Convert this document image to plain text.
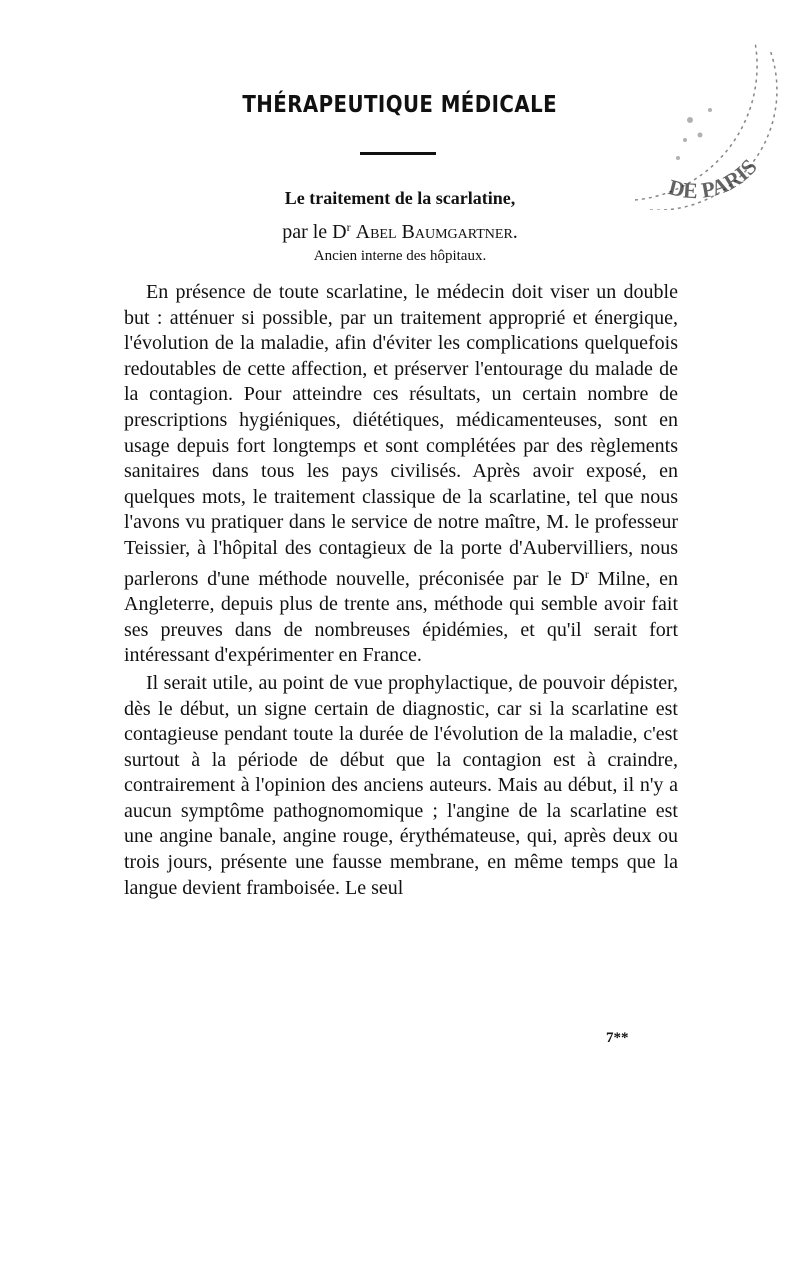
THÉRAPEUTIQUE MÉDICALE
Le traitement de la scarlatine,
par le $D^r$ Abel Baumgartner.
Ancien interne des hôpitaux.

En présence de toute scarlatine, le médecin doit viser un double but : atténuer si possible, par un traitement approprié et énergique, l'évolution de la maladie, afin d'éviter les complications quelquefois redoutables de cette affection, et préserver l'entourage du malade de la contagion. Pour atteindre ces résultats, un certain nombre de prescriptions hygiéniques, diététiques, médicamenteuses, sont en usage depuis fort longtemps et sont complétées par des règlements sanitaires dans tous les pays civilisés. Après avoir exposé, en quelques mots, le traitement classique de la scarlatine, tel que nous l'avons vu pratiquer dans le service de notre maître, M. le professeur Teissier, à l'hôpital des contagieux de la porte d'Aubervilliers, nous parlerons d'une méthode nouvelle, préconisée par le $D^r$ Milne, en Angleterre, depuis plus de trente ans, méthode qui semble avoir fait ses preuves dans de nombreuses épidémies, et qu'il serait fort intéressant d'expérimenter en France.

Il serait utile, au point de vue prophylactique, de pouvoir dépister, dès le début, un signe certain de diagnostic, car si la scarlatine est contagieuse pendant toute la durée de l'évolution de la maladie, c'est surtout à la période de début que la contagion est à craindre, contrairement à l'opinion des anciens auteurs. Mais au début, il n'y a aucun symptôme pathognomomique ; l'angine de la scarlatine est une angine banale, angine rouge, érythémateuse, qui, après deux ou trois jours, présente une fausse membrane, en même temps que la langue devient framboisée. Le seul

7**
DE PARIS
